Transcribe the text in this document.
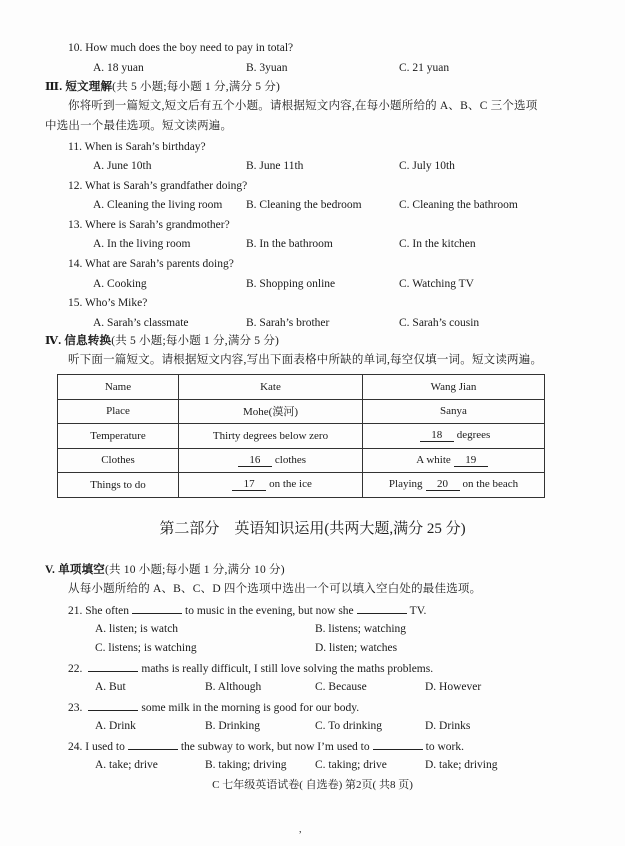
10. How much does the boy need to pay in total?
A. 18 yuan	B. 3yuan	C. 21 yuan
Ⅲ. 短文理解(共 5 小题;每小题 1 分,满分 5 分)
你将听到一篇短文,短文后有五个小题。请根据短文内容,在每小题所给的 A、B、C 三个选项
中选出一个最佳选项。短文读两遍。
11. When is Sarah’s birthday?
A. June 10th	B. June 11th	C. July 10th
12. What is Sarah’s grandfather doing?
A. Cleaning the living room B. Cleaning the bedroom	C. Cleaning the bathroom
13. Where is Sarah’s grandmother?
A. In the living room	B. In the bathroom	C. In the kitchen
14. What are Sarah’s parents doing?
A. Cooking	B. Shopping online	C. Watching TV
15. Who’s Mike?
A. Sarah’s classmate	B. Sarah’s brother	C. Sarah’s cousin
Ⅳ. 信息转换(共 5 小题;每小题 1 分,满分 5 分)
听下面一篇短文。请根据短文内容,写出下面表格中所缺的单词,每空仅填一词。短文读两遍。
Name	Kate	Wang Jian
Place	Mohe(漠河)	Sanya
Temperature	Thirty degrees below zero	18 degrees
Clothes	16 clothes	A white 19
Things to do	17 on the ice	Playing 20 on the beach
第二部分　英语知识运用(共两大题,满分 25 分)
V. 单项填空(共 10 小题;每小题 1 分,满分 10 分)
从每小题所给的 A、B、C、D 四个选项中选出一个可以填入空白处的最佳选项。
21. She often	to music in the evening, but now she	TV.
A. listen; is watch	B. listens; watching
C. listens; is watching	D. listen; watches
22.	maths is really difficult, I still love solving the maths problems.
A. But	B. Although	C. Because	D. However
23.	some milk in the morning is good for our body.
A. Drink	B. Drinking	C. To drinking	D. Drinks
24. I used to	the subway to work, but now I’m used to	to work.
A. take; drive	B. taking; driving C. taking; drive	D. take; driving
C 七年级英语试卷( 自选卷) 第2页( 共8 页)
,
